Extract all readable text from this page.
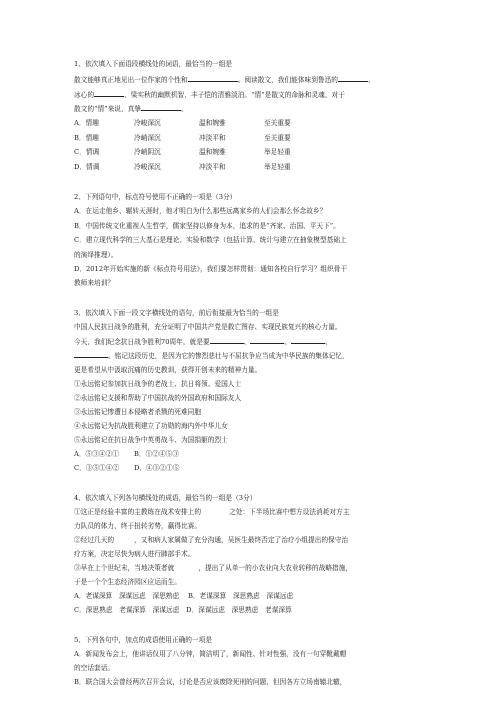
1、依次填入下面语段横线处的词语，最恰当的一组是
散文能够真正地见出一位作家的个性和	。阅读散文，我们能体味到鲁迅的	，
冰心的	，梁实秋的幽默机智，丰子恺的清雅淡泊。“情”是散文的命脉和灵魂，对于
散文的“情”来说，真挚	。
A．情趣	冷峻深沉	温和婉雅	至关重要
B．情趣	冷峭深沉	冲淡平和	至关重要
C．情调	冷峭阴沉	温和婉雅	举足轻重
D．情调	冷峻深沉	冲淡平和	举足轻重
2、下列语句中，标点符号使用不正确的一项是（3分）
A．在运走他乡、辗转天涯时，他才明白为什么那些远离家乡的人们会那么怀念故乡？
B．中国传统文化重视人生哲学，儒家坚持以修身为本，追求的是“齐家、治国、平天下”。
C．建立现代科学的三大基石是理论、实验和数学（包括计算、统计与建立在抽象模型基础上
的演绎推理）。
D．2012年开始实施的新《标点符号用法》，我们要怎样贯彻：通知各校自行学习？组织骨干
教师来培训？
3、依次填入下面一段文字横线处的语句，前后衔接最为恰当的一组是
中国人民抗日战争的胜利，充分证明了中国共产党是救亡图存、实现民族复兴的核心力量。
今天，我们纪念抗日战争胜利70周年，就是要	、	、	、
。铭记这段历史，是因为它的惨烈悲壮与不屈抗争应当成为中华民族的集体记忆，
更是希望从中汲取沉痛的历史教训，获得开创未来的精神力量。
①永远铭记参加抗日战争的老战士、抗日将领、爱国人士
②永远铭记支援和帮助了中国抗战的外国政府和国际友人
③永远铭记惨遭日本侵略者杀戮的死难同胞
④永远铭记为抗战胜利建立了功勋的海内外中华儿女
⑤永远铭记在抗日战争中英勇战斗、为国捐躯的烈士
A．⑤③④②① B．①②④⑤③
C．③⑤①④② D．④③②①⑤
4、依次填入下列各句横线处的成语，最恰当的一组是（3分）
①这正是经验丰富的主教练在战术安排上的	之处：下半场比赛中想方设法消耗对方主
力队员的体力，终于扭转劣势，赢得比赛。
②经过几天的	，又和病人家属做了充分沟通，吴医生最终否定了治疗小组提出的保守治
疗方案，决定尽快为病人进行肺部手术。
③早在上个世纪末，当地决策者就	，提出了从单一的小农业向大农业转移的战略措施，
于是一个个生态经济园区应运而生。
A．老谋深算　深谋远虑　深思熟虑　 B．老谋深算　深思熟虑　深谋远虑
C．深思熟虑　老谋深算　深谋远虑　D．深谋远虑　深思熟虑　老谋深算
5、下列各句中，加点的成语使用正确的一项是
A．新闻发布会上，他讲话仅用了八分钟，简洁明了，新闻性、针对性强，没有一句穿靴戴帽
的空话套话。
B．联合国大会曾经两次召开会议，讨论是否应该废除死刑的问题，但因各方立场南辕北辙，
